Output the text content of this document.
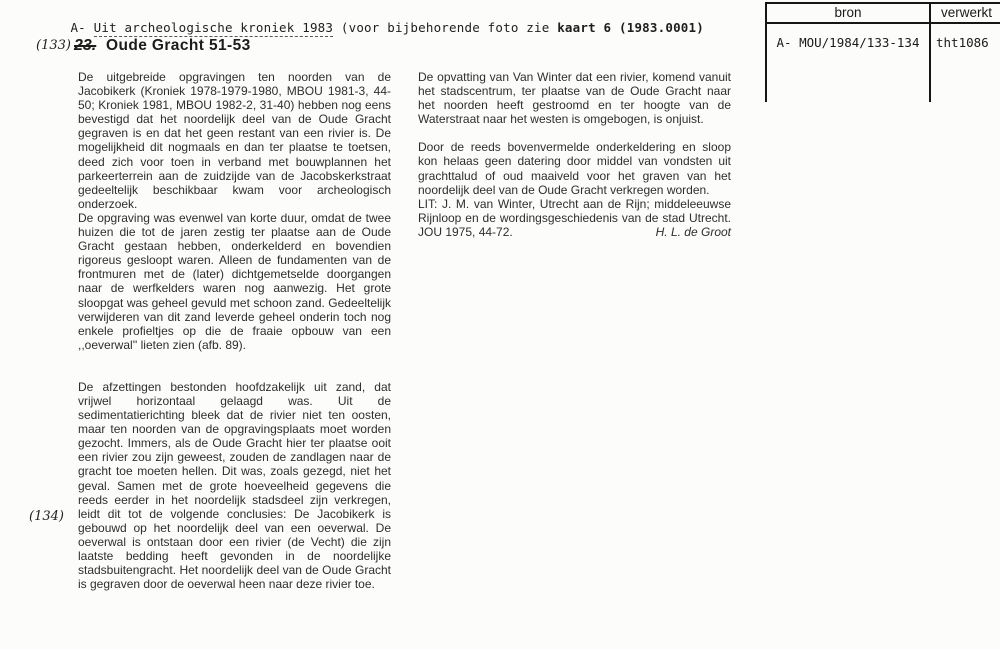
A- Uit archeologische kroniek 1983 (voor bijbehorende foto zie kaart 6 (1983.0001)

bron
A- MOU/1984/133-134
verwerkt
tht1086
(133) 23. Oude Gracht 51-53
(134)

De uitgebreide opgravingen ten noorden van de Jacobikerk (Kroniek 1978-1979-1980, MBOU 1981-3, 44-50; Kroniek 1981, MBOU 1982-2, 31-40) hebben nog eens bevestigd dat het noordelijk deel van de Oude Gracht gegraven is en dat het geen restant van een rivier is. De mogelijkheid dit nogmaals en dan ter plaatse te toetsen, deed zich voor toen in verband met bouwplannen het parkeerterrein aan de zuidzijde van de Jacobskerkstraat gedeeltelijk beschikbaar kwam voor archeologisch onderzoek.

De opgraving was evenwel van korte duur, omdat de twee huizen die tot de jaren zestig ter plaatse aan de Oude Gracht gestaan hebben, onderkelderd en bovendien rigoreus gesloopt waren. Alleen de fundamenten van de frontmuren met de (later) dichtgemetselde doorgangen naar de werfkelders waren nog aanwezig. Het grote sloopgat was geheel gevuld met schoon zand. Gedeeltelijk verwijderen van dit zand leverde geheel onderin toch nog enkele profieltjes op die de fraaie opbouw van een ,,oeverwal'' lieten zien (afb. 89).

De afzettingen bestonden hoofdzakelijk uit zand, dat vrijwel horizontaal gelaagd was. Uit de sedimentatierichting bleek dat de rivier niet ten oosten, maar ten noorden van de opgravingsplaats moet worden gezocht. Immers, als de Oude Gracht hier ter plaatse ooit een rivier zou zijn geweest, zouden de zandlagen naar de gracht toe moeten hellen. Dit was, zoals gezegd, niet het geval. Samen met de grote hoeveelheid gegevens die reeds eerder in het noordelijk stadsdeel zijn verkregen, leidt dit tot de volgende conclusies: De Jacobikerk is gebouwd op het noordelijk deel van een oeverwal. De oeverwal is ontstaan door een rivier (de Vecht) die zijn laatste bedding heeft gevonden in de noordelijke stadsbuitengracht. Het noordelijk deel van de Oude Gracht is gegraven door de oeverwal heen naar deze rivier toe.

De opvatting van Van Winter dat een rivier, komend vanuit het stadscentrum, ter plaatse van de Oude Gracht naar het noorden heeft gestroomd en ter hoogte van de Waterstraat naar het westen is omgebogen, is onjuist.

Door de reeds bovenvermelde onderkeldering en sloop kon helaas geen datering door middel van vondsten uit grachttalud of oud maaiveld voor het graven van het noordelijk deel van de Oude Gracht verkregen worden.

LIT: J. M. van Winter, Utrecht aan de Rijn; middeleeuwse Rijnloop en de wordingsgeschiedenis van de stad Utrecht. JOU 1975, 44-72.	H. L. de Groot
